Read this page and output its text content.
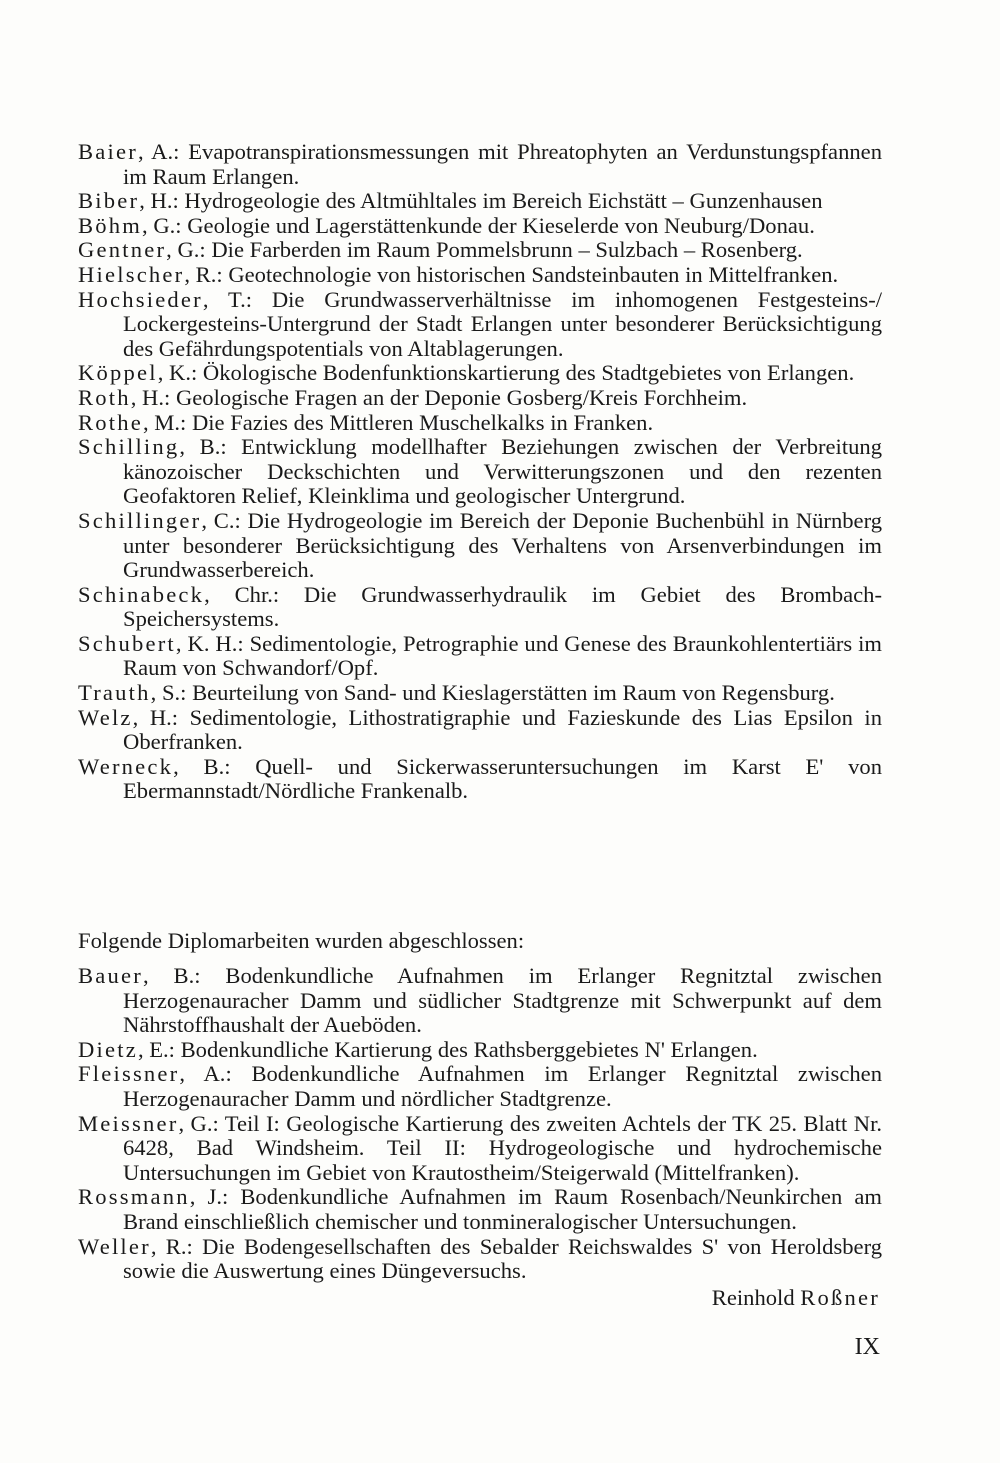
Baier, A.: Evapotranspirationsmessungen mit Phreatophyten an Verdunstungspfannen im Raum Erlangen.

Biber, H.: Hydrogeologie des Altmühltales im Bereich Eichstätt – Gunzenhausen

Böhm, G.: Geologie und Lagerstättenkunde der Kieselerde von Neuburg/Donau.

Gentner, G.: Die Farberden im Raum Pommelsbrunn – Sulzbach – Rosenberg.

Hielscher, R.: Geotechnologie von historischen Sandsteinbauten in Mittelfranken.

Hochsieder, T.: Die Grundwasserverhältnisse im inhomogenen Festgesteins-/ Lockergesteins-Untergrund der Stadt Erlangen unter besonderer Berücksichtigung des Gefährdungspotentials von Altablagerungen.

Köppel, K.: Ökologische Bodenfunktionskartierung des Stadtgebietes von Erlangen.

Roth, H.: Geologische Fragen an der Deponie Gosberg/Kreis Forchheim.

Rothe, M.: Die Fazies des Mittleren Muschelkalks in Franken.

Schilling, B.: Entwicklung modellhafter Beziehungen zwischen der Verbreitung känozoischer Deckschichten und Verwitterungszonen und den rezenten Geofaktoren Relief, Kleinklima und geologischer Untergrund.

Schillinger, C.: Die Hydrogeologie im Bereich der Deponie Buchenbühl in Nürnberg unter besonderer Berücksichtigung des Verhaltens von Arsenverbindungen im Grundwasserbereich.

Schinabeck, Chr.: Die Grundwasserhydraulik im Gebiet des Brombach-Speichersystems.

Schubert, K. H.: Sedimentologie, Petrographie und Genese des Braunkohlentertiärs im Raum von Schwandorf/Opf.

Trauth, S.: Beurteilung von Sand- und Kieslagerstätten im Raum von Regensburg.

Welz, H.: Sedimentologie, Lithostratigraphie und Fazieskunde des Lias Epsilon in Oberfranken.

Werneck, B.: Quell- und Sickerwasseruntersuchungen im Karst E' von Ebermannstadt/Nördliche Frankenalb.

Folgende Diplomarbeiten wurden abgeschlossen:

Bauer, B.: Bodenkundliche Aufnahmen im Erlanger Regnitztal zwischen Herzogenauracher Damm und südlicher Stadtgrenze mit Schwerpunkt auf dem Nährstoffhaushalt der Aueböden.

Dietz, E.: Bodenkundliche Kartierung des Rathsberggebietes N' Erlangen.

Fleissner, A.: Bodenkundliche Aufnahmen im Erlanger Regnitztal zwischen Herzogenauracher Damm und nördlicher Stadtgrenze.

Meissner, G.: Teil I: Geologische Kartierung des zweiten Achtels der TK 25. Blatt Nr. 6428, Bad Windsheim. Teil II: Hydrogeologische und hydrochemische Untersuchungen im Gebiet von Krautostheim/Steigerwald (Mittelfranken).

Rossmann, J.: Bodenkundliche Aufnahmen im Raum Rosenbach/Neunkirchen am Brand einschließlich chemischer und tonmineralogischer Untersuchungen.

Weller, R.: Die Bodengesellschaften des Sebalder Reichswaldes S' von Heroldsberg sowie die Auswertung eines Düngeversuchs.

Reinhold Roßner
IX
